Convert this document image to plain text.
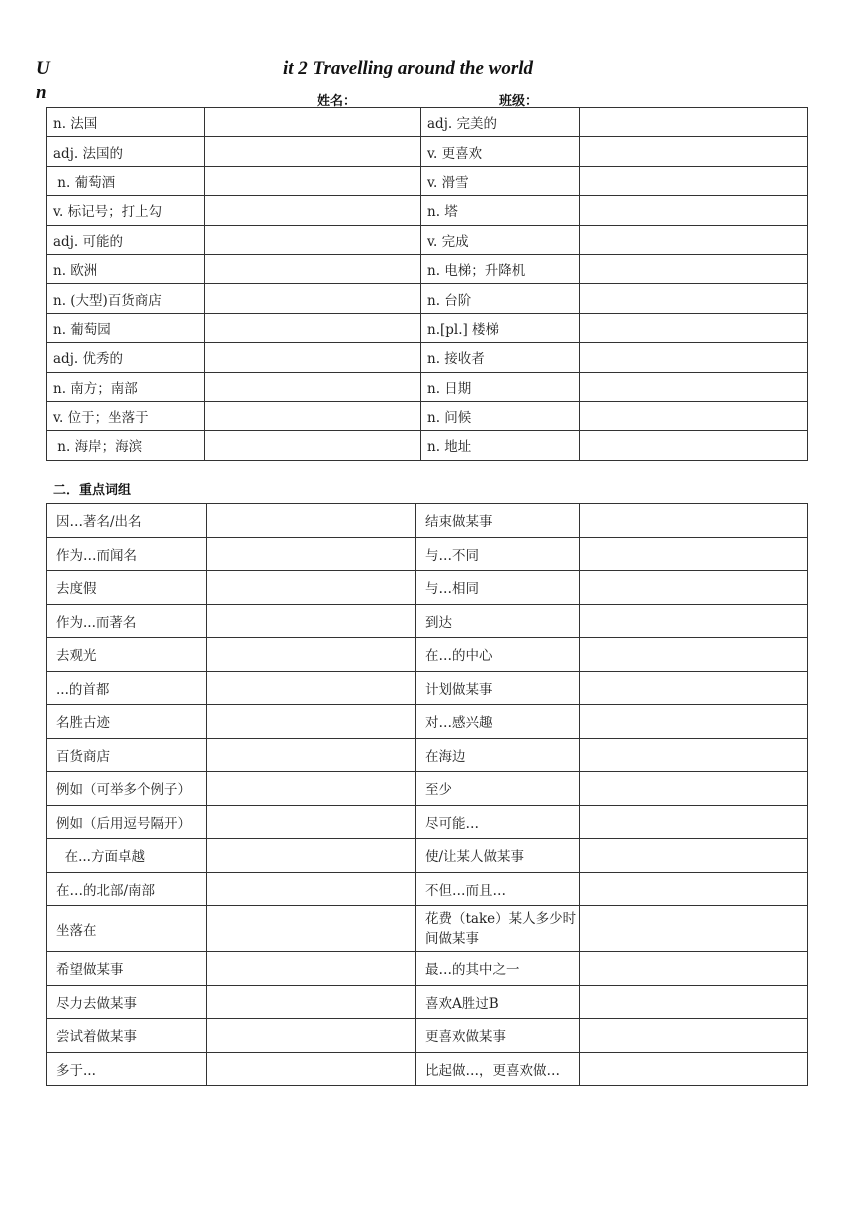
U
n
it 2 Travelling around the world
姓名：	班级：
n. 法国		adj. 完美的	
adj. 法国的		v. 更喜欢	
n. 葡萄酒		v. 滑雪	
v. 标记号；打上勾		n. 塔	
adj. 可能的		v. 完成	
n. 欧洲		n. 电梯；升降机	
n. (大型)百货商店		n. 台阶	
n. 葡萄园		n.[pl.] 楼梯	
adj. 优秀的		n. 接收者	
n. 南方；南部		n. 日期	
v. 位于；坐落于		n. 问候	
n. 海岸；海滨		n. 地址	
二．重点词组
因…著名/出名		结束做某事	
作为…而闻名		与…不同	
去度假		与…相同	
作为...而著名		到达	
去观光		在…的中心	
...的首都		计划做某事	
名胜古迹		对…感兴趣	
百货商店		在海边	
例如（可举多个例子）		至少	
例如（后用逗号隔开）		尽可能…	
在...方面卓越		使/让某人做某事	
在…的北部/南部		不但…而且…	
坐落在		花费（take）某人多少时间做某事	
希望做某事		最…的其中之一	
尽力去做某事		喜欢A胜过B	
尝试着做某事		更喜欢做某事	
多于...		比起做…，更喜欢做…	
